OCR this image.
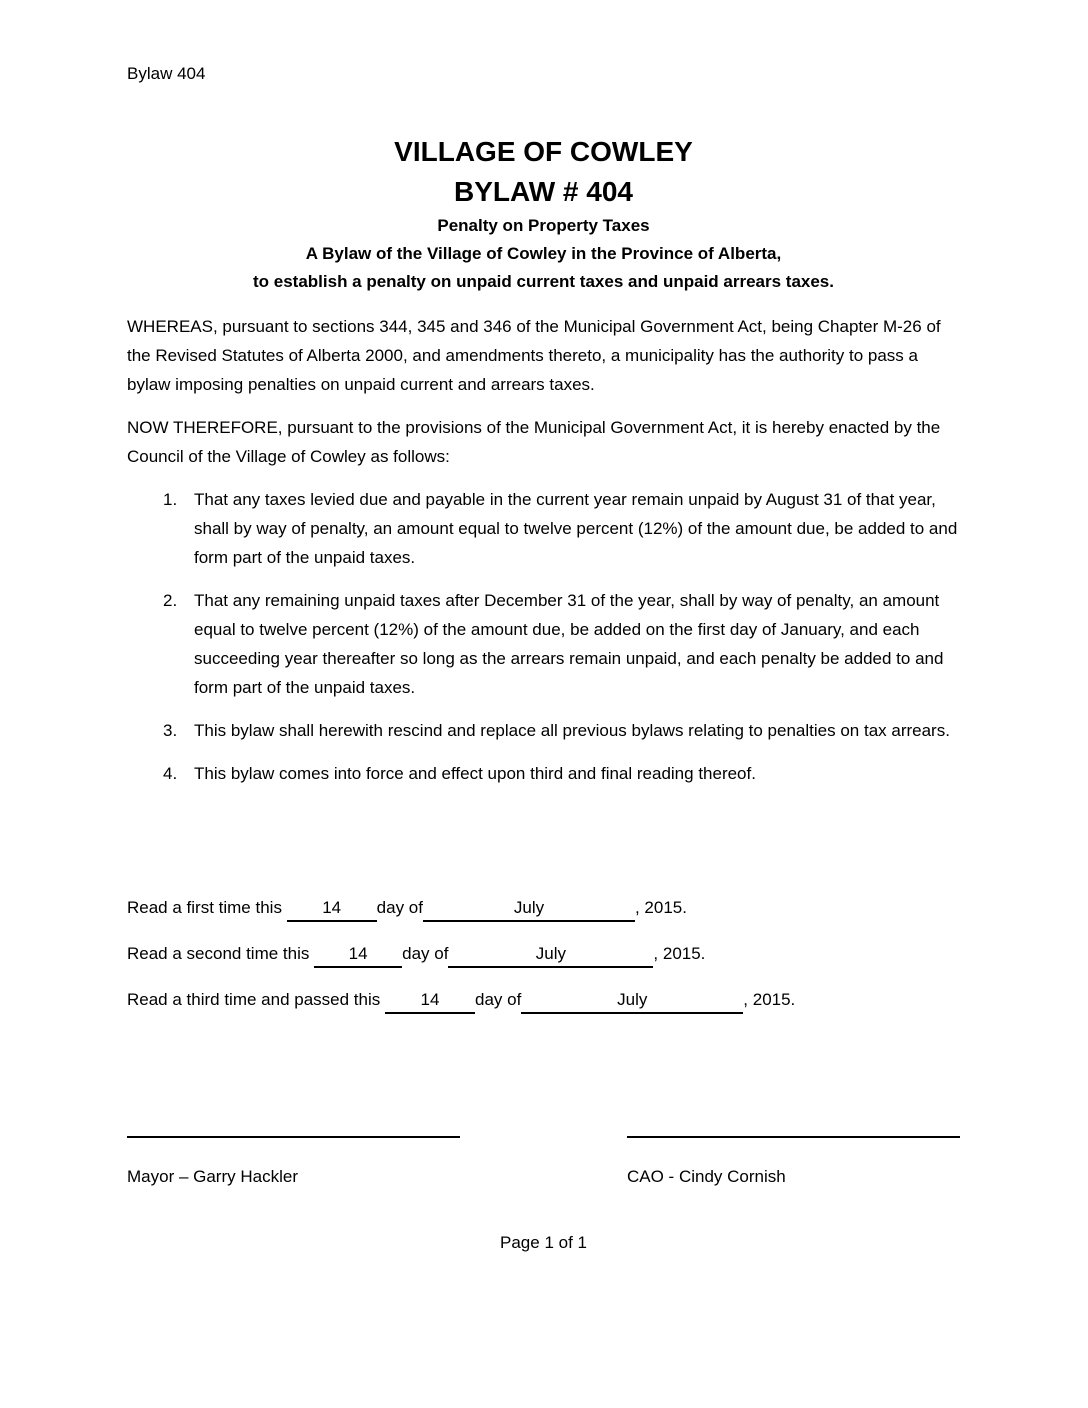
Bylaw 404
VILLAGE OF COWLEY
BYLAW # 404
Penalty on Property Taxes
A Bylaw of the Village of Cowley in the Province of Alberta,
to establish a penalty on unpaid current taxes and unpaid arrears taxes.

WHEREAS, pursuant to sections 344, 345 and 346 of the Municipal Government Act, being Chapter M-26 of the Revised Statutes of Alberta 2000, and amendments thereto, a municipality has the authority to pass a bylaw imposing penalties on unpaid current and arrears taxes.

NOW THEREFORE, pursuant to the provisions of the Municipal Government Act, it is hereby enacted by the Council of the Village of Cowley as follows:

1. That any taxes levied due and payable in the current year remain unpaid by August 31 of that year, shall by way of penalty, an amount equal to twelve percent (12%) of the amount due, be added to and form part of the unpaid taxes.
2. That any remaining unpaid taxes after December 31 of the year, shall by way of penalty, an amount equal to twelve percent (12%) of the amount due, be added on the first day of January, and each succeeding year thereafter so long as the arrears remain unpaid, and each penalty be added to and form part of the unpaid taxes.
3. This bylaw shall herewith rescind and replace all previous bylaws relating to penalties on tax arrears.
4. This bylaw comes into force and effect upon third and final reading thereof.
Read a first time this 14 day of	July	, 2015.
Read a second time this 14 day of	July	, 2015.
Read a third time and passed this 14 day of	July	, 2015.
Mayor – Garry Hackler	CAO - Cindy Cornish
Page 1 of 1
